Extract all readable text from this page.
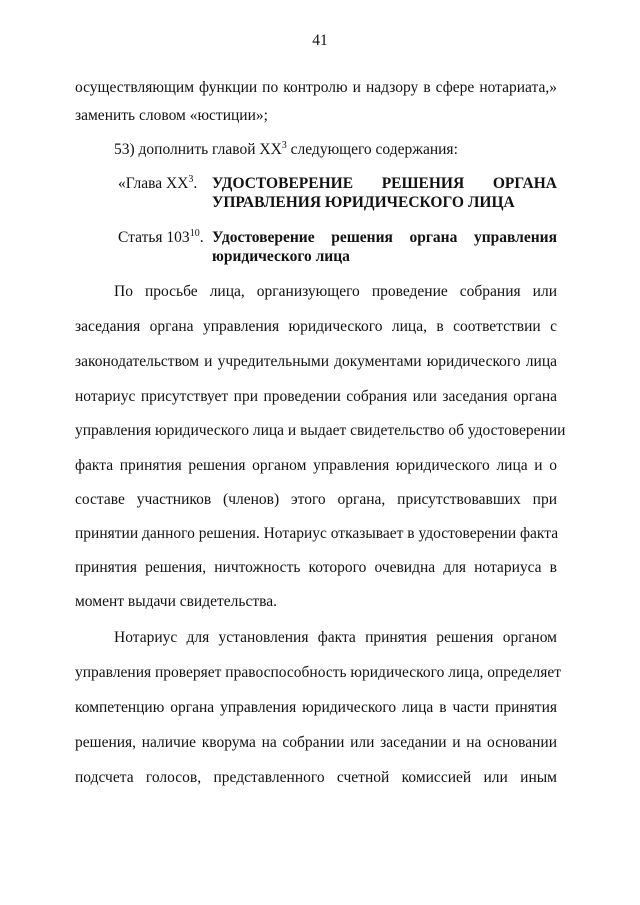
41
осуществляющим функции по контролю и надзору в сфере нотариата,»
заменить словом «юстиции»;
53) дополнить главой $XX^3$ следующего содержания:
«Глава $XX^3$. УДОСТОВЕРЕНИЕ РЕШЕНИЯ ОРГАНА
УПРАВЛЕНИЯ ЮРИДИЧЕСКОГО ЛИЦА
Статья $103^{10}$. Удостоверение решения органа управления
юридического лица
По просьбе лица, организующего проведение собрания или
заседания органа управления юридического лица, в соответствии с
законодательством и учредительными документами юридического лица
нотариус присутствует при проведении собрания или заседания органа
управления юридического лица и выдает свидетельство об удостоверении
факта принятия решения органом управления юридического лица и о
составе участников (членов) этого органа, присутствовавших при
принятии данного решения. Нотариус отказывает в удостоверении факта
принятия решения, ничтожность которого очевидна для нотариуса в
момент выдачи свидетельства.
Нотариус для установления факта принятия решения органом
управления проверяет правоспособность юридического лица, определяет
компетенцию органа управления юридического лица в части принятия
решения, наличие кворума на собрании или заседании и на основании
подсчета голосов, представленного счетной комиссией или иным
